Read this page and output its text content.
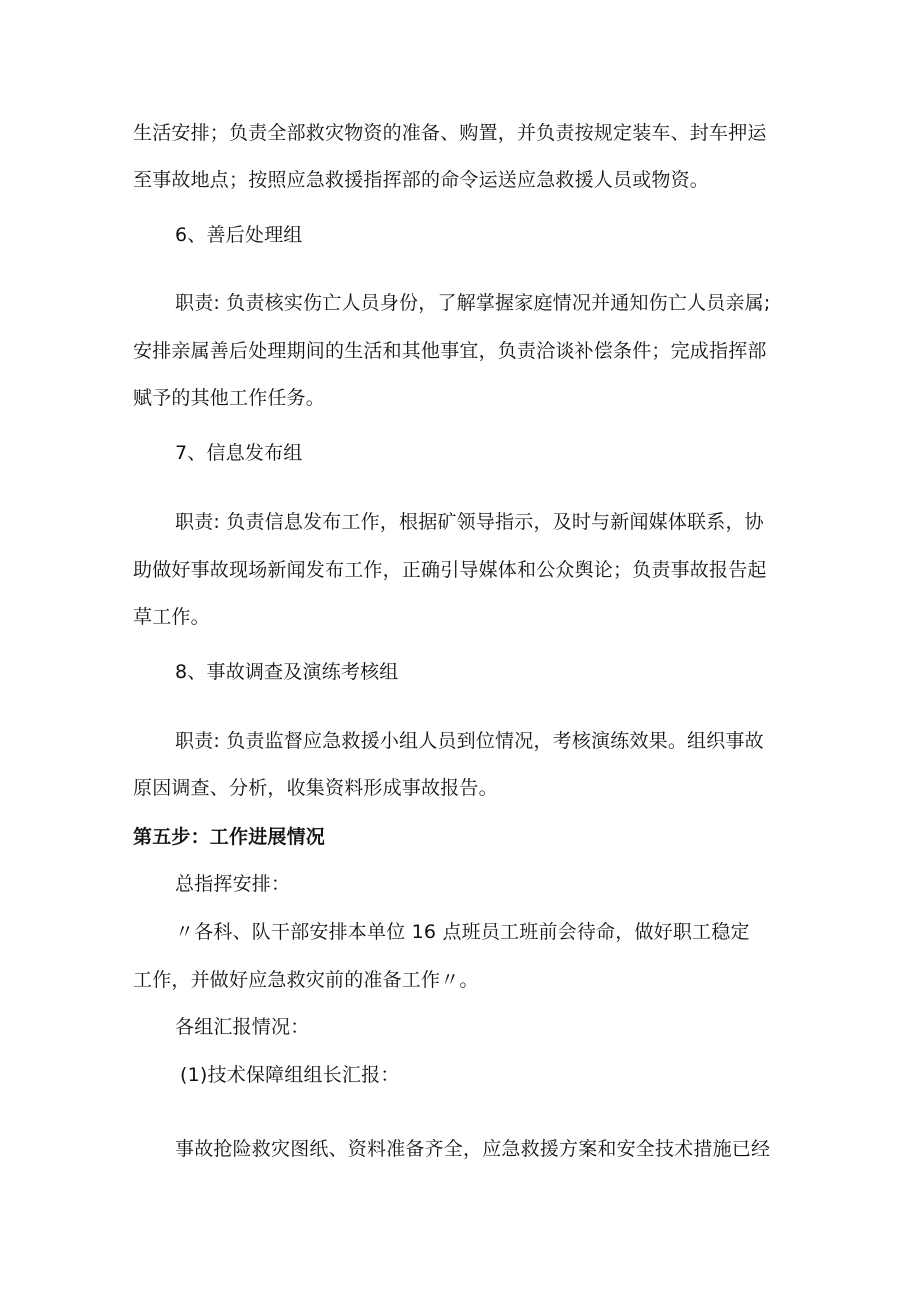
生活安排；负责全部救灾物资的准备、购置，并负责按规定装车、封车押运
至事故地点；按照应急救援指挥部的命令运送应急救援人员或物资。
6、善后处理组
职责: 负责核实伤亡人员身份，了解掌握家庭情况并通知伤亡人员亲属;
安排亲属善后处理期间的生活和其他事宜，负责洽谈补偿条件；完成指挥部
赋予的其他工作任务。
7、信息发布组
职责: 负责信息发布工作，根据矿领导指示，及时与新闻媒体联系，协
助做好事故现场新闻发布工作，正确引导媒体和公众舆论；负责事故报告起
草工作。
8、事故调查及演练考核组
职责: 负责监督应急救援小组人员到位情况，考核演练效果。组织事故
原因调查、分析，收集资料形成事故报告。
第五步：工作进展情况
总指挥安排：
〃各科、队干部安排本单位 16 点班员工班前会待命，做好职工稳定
工作，并做好应急救灾前的准备工作〃。
各组汇报情况：
(1)技术保障组组长汇报：
事故抢险救灾图纸、资料准备齐全，应急救援方案和安全技术措施已经
